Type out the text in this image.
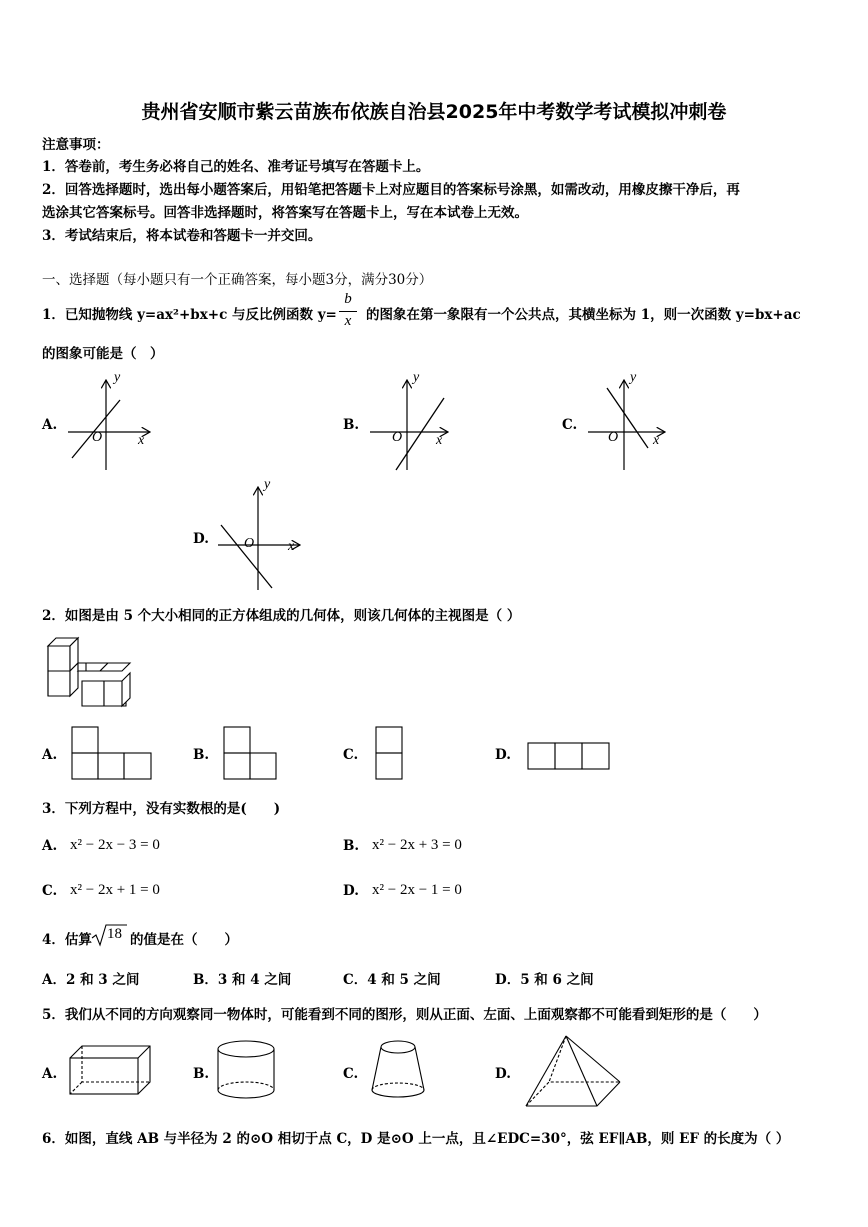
贵州省安顺市紫云苗族布依族自治县2025年中考数学考试模拟冲刺卷
注意事项：
1．答卷前，考生务必将自己的姓名、准考证号填写在答题卡上。
2．回答选择题时，选出每小题答案后，用铅笔把答题卡上对应题目的答案标号涂黑，如需改动，用橡皮擦干净后，再
选涂其它答案标号。回答非选择题时，将答案写在答题卡上，写在本试卷上无效。
3．考试结束后，将本试卷和答题卡一并交回。
一、选择题（每小题只有一个正确答案，每小题3分，满分30分）
1．已知抛物线 y=ax²+bx+c 与反比例函数 y=
b
x	的图象在第一象限有一个公共点，其横坐标为 1，则一次函数 y=bx+ac
的图象可能是（　）
A.
y
x
O
B.
y
x
O
C.
y
x
O
D.
y
x
O
2．如图是由 5 个大小相同的正方体组成的几何体，则该几何体的主视图是（ ）
A.	B.	C.	D.
3．下列方程中，没有实数根的是(　　)
A. x² − 2x − 3 = 0	B. x² − 2x + 3 = 0
C. x² − 2x + 1 = 0	D. x² − 2x − 1 = 0
4．估算 18 的值是在（　　）
A．2 和 3 之间	B．3 和 4 之间	C．4 和 5 之间	D．5 和 6 之间
5．我们从不同的方向观察同一物体时，可能看到不同的图形，则从正面、左面、上面观察都不可能看到矩形的是（　　）
A.	B.	C.	D.
6．如图，直线 AB 与半径为 2 的⊙O 相切于点 C，D 是⊙O 上一点，且∠EDC=30°，弦 EF∥AB，则 EF 的长度为（ ）
